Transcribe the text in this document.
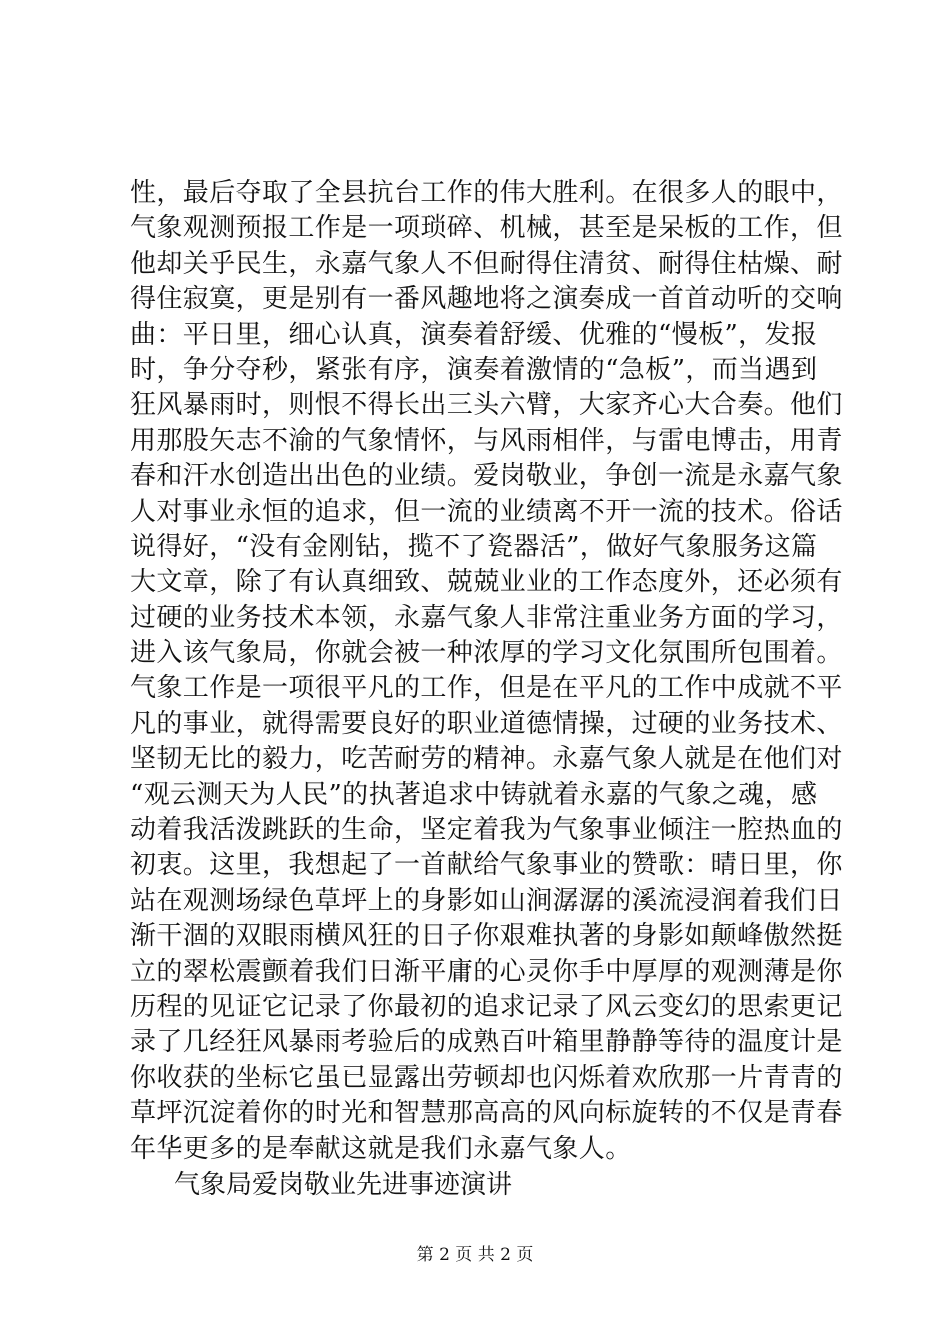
性，最后夺取了全县抗台工作的伟大胜利。在很多人的眼中，
气象观测预报工作是一项琐碎、机械，甚至是呆板的工作，但
他却关乎民生，永嘉气象人不但耐得住清贫、耐得住枯燥、耐
得住寂寞，更是别有一番风趣地将之演奏成一首首动听的交响
曲：平日里，细心认真，演奏着舒缓、优雅的“慢板”，发报
时，争分夺秒，紧张有序，演奏着激情的“急板”，而当遇到
狂风暴雨时，则恨不得长出三头六臂，大家齐心大合奏。他们
用那股矢志不渝的气象情怀，与风雨相伴，与雷电博击，用青
春和汗水创造出出色的业绩。爱岗敬业，争创一流是永嘉气象
人对事业永恒的追求，但一流的业绩离不开一流的技术。俗话
说得好，“没有金刚钻，揽不了瓷器活”，做好气象服务这篇
大文章，除了有认真细致、兢兢业业的工作态度外，还必须有
过硬的业务技术本领，永嘉气象人非常注重业务方面的学习，
进入该气象局，你就会被一种浓厚的学习文化氛围所包围着。
气象工作是一项很平凡的工作，但是在平凡的工作中成就不平
凡的事业，就得需要良好的职业道德情操，过硬的业务技术、
坚韧无比的毅力，吃苦耐劳的精神。永嘉气象人就是在他们对
“观云测天为人民”的执著追求中铸就着永嘉的气象之魂，感
动着我活泼跳跃的生命，坚定着我为气象事业倾注一腔热血的
初衷。这里，我想起了一首献给气象事业的赞歌：晴日里，你
站在观测场绿色草坪上的身影如山涧潺潺的溪流浸润着我们日
渐干涸的双眼雨横风狂的日子你艰难执著的身影如颠峰傲然挺
立的翠松震颤着我们日渐平庸的心灵你手中厚厚的观测薄是你
历程的见证它记录了你最初的追求记录了风云变幻的思索更记
录了几经狂风暴雨考验后的成熟百叶箱里静静等待的温度计是
你收获的坐标它虽已显露出劳顿却也闪烁着欢欣那一片青青的
草坪沉淀着你的时光和智慧那高高的风向标旋转的不仅是青春
年华更多的是奉献这就是我们永嘉气象人。
气象局爱岗敬业先进事迹演讲
第 2 页 共 2 页
